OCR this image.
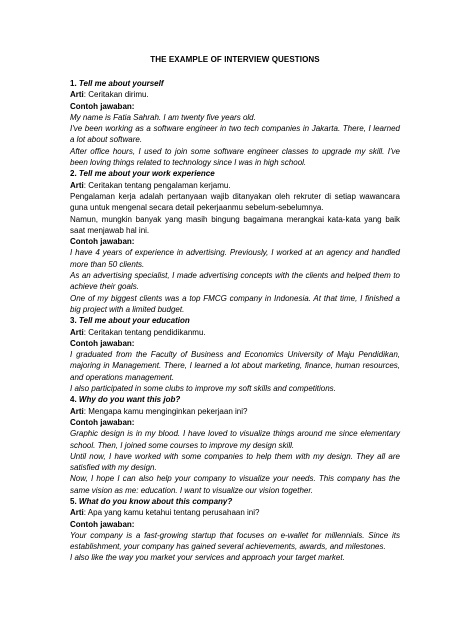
THE EXAMPLE OF INTERVIEW QUESTIONS

1. Tell me about yourself

Arti: Ceritakan dirimu.

Contoh jawaban:

My name is Fatia Sahrah. I am twenty five years old.

I've been working as a software engineer in two tech companies in Jakarta. There, I learned a lot about software.

After office hours, I used to join some software engineer classes to upgrade my skill. I've been loving things related to technology since I was in high school.

2. Tell me about your work experience

Arti: Ceritakan tentang pengalaman kerjamu.

Pengalaman kerja adalah pertanyaan wajib ditanyakan oleh rekruter di setiap wawancara guna untuk mengenal secara detail pekerjaanmu sebelum-sebelumnya.

Namun, mungkin banyak yang masih bingung bagaimana merangkai kata-kata yang baik saat menjawab hal ini.

Contoh jawaban:

I have 4 years of experience in advertising. Previously, I worked at an agency and handled more than 50 clients.

As an advertising specialist, I made advertising concepts with the clients and helped them to achieve their goals.

One of my biggest clients was a top FMCG company in Indonesia. At that time, I finished a big project with a limited budget.

3. Tell me about your education

Arti: Ceritakan tentang pendidikanmu.

Contoh jawaban:

I graduated from the Faculty of Business and Economics University of Maju Pendidikan, majoring in Management. There, I learned a lot about marketing, finance, human resources, and operations management.

I also participated in some clubs to improve my soft skills and competitions.

4. Why do you want this job?

Arti: Mengapa kamu menginginkan pekerjaan ini?

Contoh jawaban:

Graphic design is in my blood. I have loved to visualize things around me since elementary school. Then, I joined some courses to improve my design skill.

Until now, I have worked with some companies to help them with my design. They all are satisfied with my design.

Now, I hope I can also help your company to visualize your needs. This company has the same vision as me: education. I want to visualize our vision together.

5. What do you know about this company?

Arti: Apa yang kamu ketahui tentang perusahaan ini?

Contoh jawaban:

Your company is a fast-growing startup that focuses on e-wallet for millennials. Since its establishment, your company has gained several achievements, awards, and milestones.

I also like the way you market your services and approach your target market.
